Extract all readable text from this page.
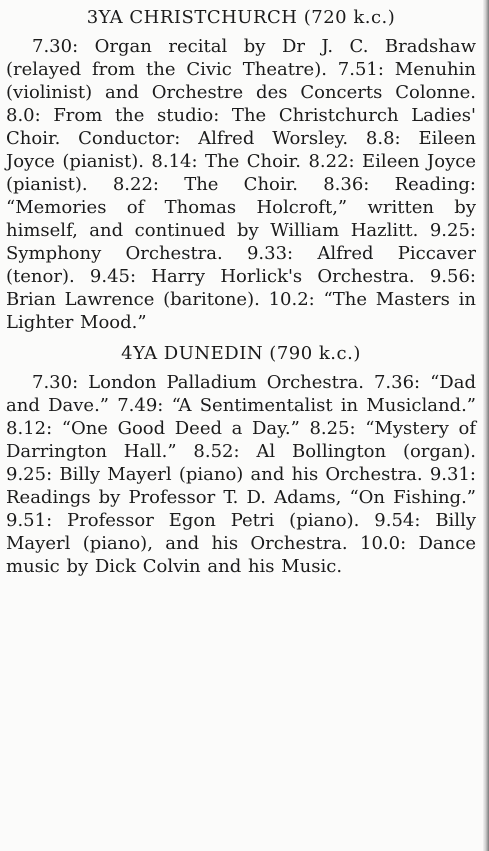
3YA CHRISTCHURCH (720 k.c.)

7.30: Organ recital by Dr J. C. Bradshaw (relayed from the Civic Theatre). 7.51: Menuhin (violinist) and Orchestre des Concerts Colonne. 8.0: From the studio: The Christchurch Ladies' Choir. Conductor: Alfred Worsley. 8.8: Eileen Joyce (pianist). 8.14: The Choir. 8.22: Eileen Joyce (pianist). 8.22: The Choir. 8.36: Reading: “Memories of Thomas Holcroft,” written by himself, and continued by William Hazlitt. 9.25: Symphony Orchestra. 9.33: Alfred Piccaver (tenor). 9.45: Harry Horlick's Orchestra. 9.56: Brian Lawrence (baritone). 10.2: “The Masters in Lighter Mood.”

4YA DUNEDIN (790 k.c.)

7.30: London Palladium Orchestra. 7.36: “Dad and Dave.” 7.49: “A Sentimentalist in Musicland.” 8.12: “One Good Deed a Day.” 8.25: “Mystery of Darrington Hall.” 8.52: Al Bollington (organ). 9.25: Billy Mayerl (piano) and his Orchestra. 9.31: Readings by Professor T. D. Adams, “On Fishing.” 9.51: Professor Egon Petri (piano). 9.54: Billy Mayerl (piano), and his Orchestra. 10.0: Dance music by Dick Colvin and his Music.
